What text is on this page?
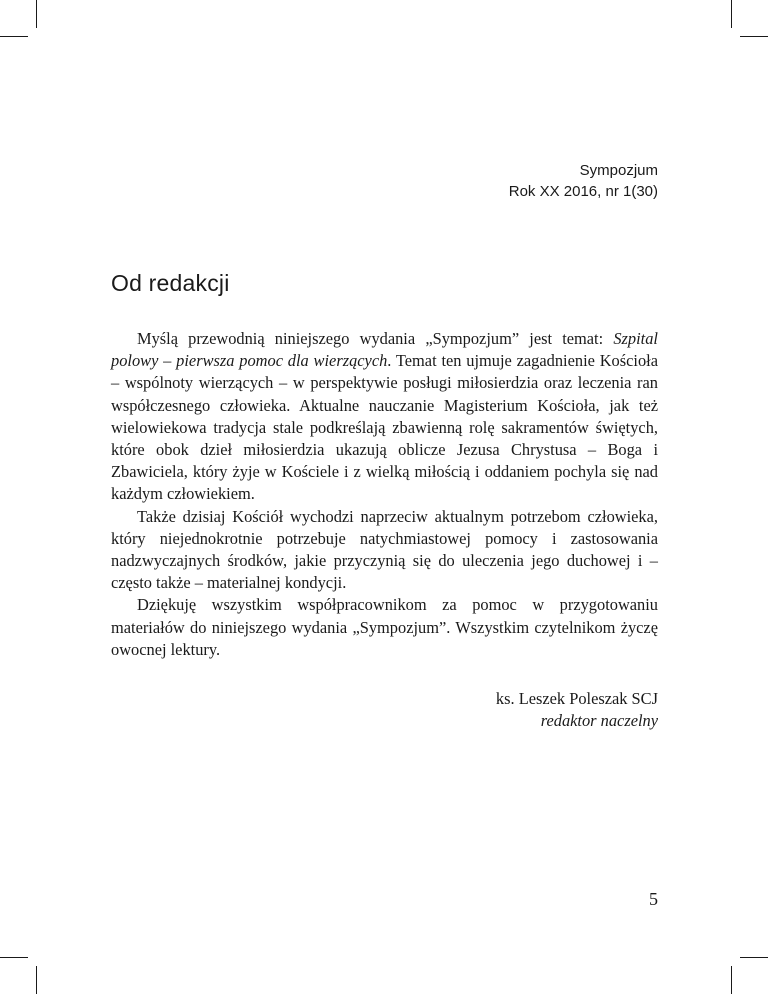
Sympozjum
Rok XX 2016, nr 1(30)
Od redakcji

Myślą przewodnią niniejszego wydania „Sympozjum” jest temat: Szpital polowy – pierwsza pomoc dla wierzących. Temat ten ujmuje zagadnienie Kościoła – wspólnoty wierzących – w perspektywie posługi miłosierdzia oraz leczenia ran współczesnego człowieka. Aktualne nauczanie Magisterium Kościoła, jak też wielowiekowa tradycja stale podkreślają zbawienną rolę sakramentów świętych, które obok dzieł miłosierdzia ukazują oblicze Jezusa Chrystusa – Boga i Zbawiciela, który żyje w Kościele i z wielką miłością i oddaniem pochyla się nad każdym człowiekiem.

Także dzisiaj Kościół wychodzi naprzeciw aktualnym potrzebom człowieka, który niejednokrotnie potrzebuje natychmiastowej pomocy i zastosowania nadzwyczajnych środków, jakie przyczynią się do uleczenia jego duchowej i – często także – materialnej kondycji.

Dziękuję wszystkim współpracownikom za pomoc w przygotowaniu materiałów do niniejszego wydania „Sympozjum”. Wszystkim czytelnikom życzę owocnej lektury.

ks. Leszek Poleszak SCJ
redaktor naczelny
5
